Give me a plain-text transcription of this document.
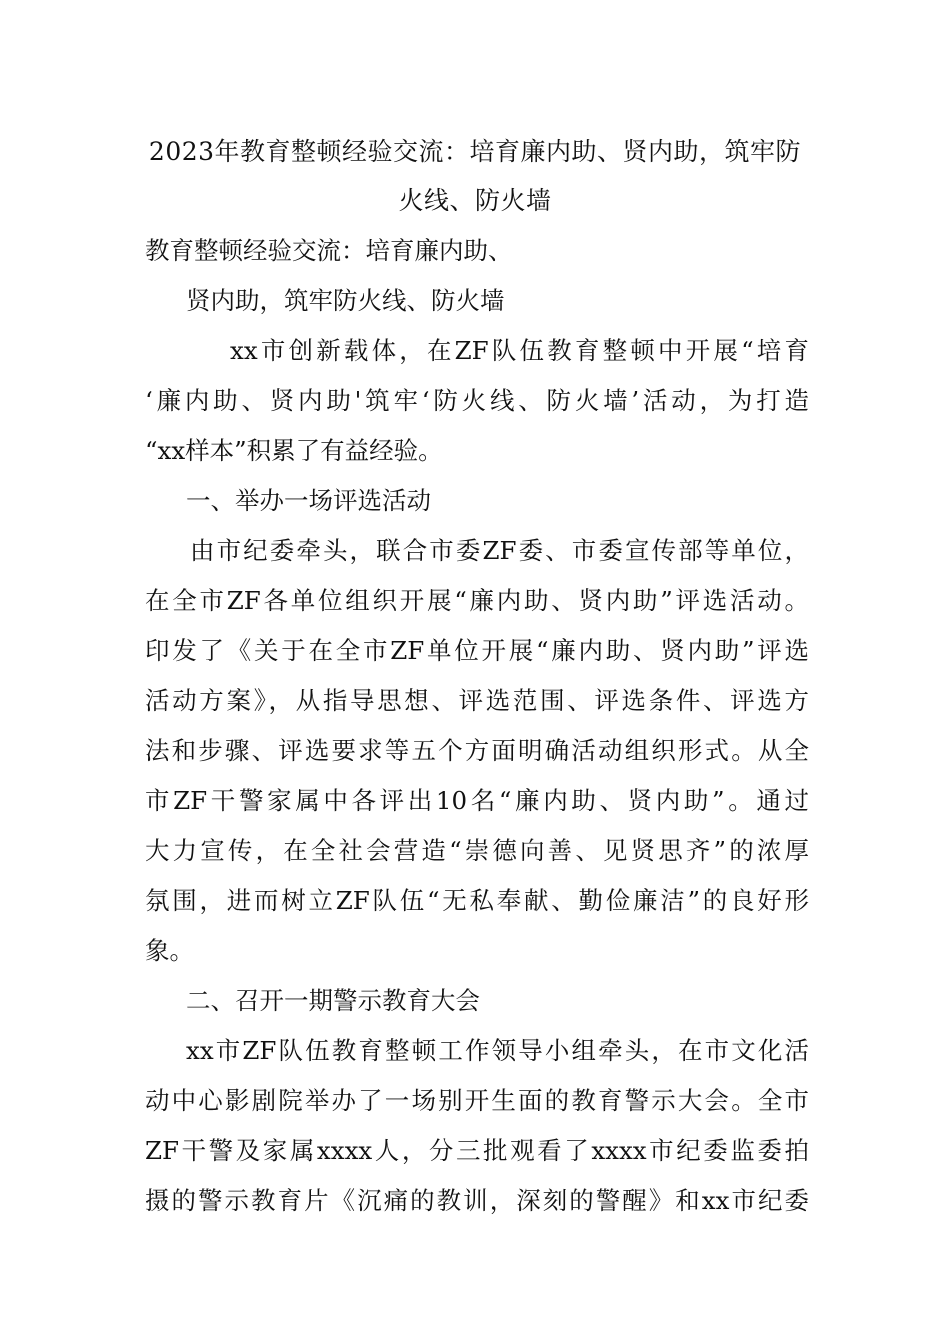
2023年教育整顿经验交流：培育廉内助、贤内助，筑牢防
火线、防火墙
教育整顿经验交流：培育廉内助、
贤内助，筑牢防火线、防火墙
xx市创新载体，在ZF队伍教育整顿中开展“培育
‘廉内助、贤内助'筑牢‘防火线、防火墙’活动，为打造
“xx样本”积累了有益经验。
一、举办一场评选活动
由市纪委牵头，联合市委ZF委、市委宣传部等单位，
在全市ZF各单位组织开展“廉内助、贤内助”评选活动。
印发了《关于在全市ZF单位开展“廉内助、贤内助”评选
活动方案》，从指导思想、评选范围、评选条件、评选方
法和步骤、评选要求等五个方面明确活动组织形式。从全
市ZF干警家属中各评出10名“廉内助、贤内助”。通过
大力宣传，在全社会营造“崇德向善、见贤思齐”的浓厚
氛围，进而树立ZF队伍“无私奉献、勤俭廉洁”的良好形
象。
二、召开一期警示教育大会
xx市ZF队伍教育整顿工作领导小组牵头，在市文化活
动中心影剧院举办了一场别开生面的教育警示大会。全市
ZF干警及家属xxxx人，分三批观看了xxxx市纪委监委拍
摄的警示教育片《沉痛的教训，深刻的警醒》和xx市纪委
